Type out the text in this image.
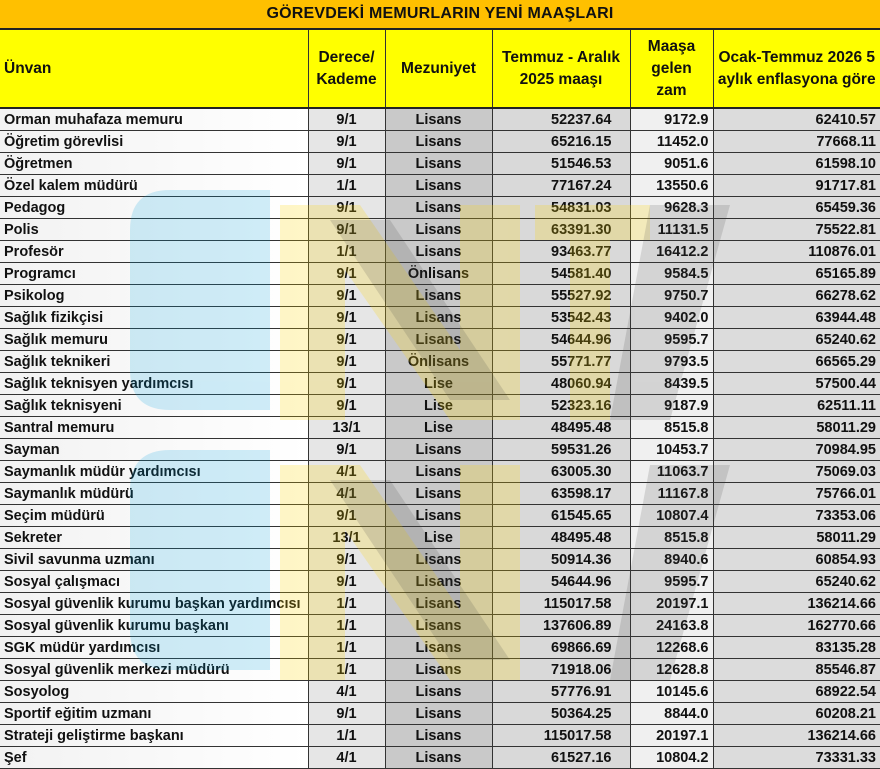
GÖREVDEKİ MEMURLARIN YENİ MAAŞLARI
Ünvan	Derece/ Kademe	Mezuniyet	Temmuz - Aralık 2025 maaşı	Maaşa gelen zam	Ocak-Temmuz 2026 5 aylık enflasyona göre
Orman muhafaza memuru	9/1	Lisans	52237.64	9172.9	62410.57
Öğretim görevlisi	9/1	Lisans	65216.15	11452.0	77668.11
Öğretmen	9/1	Lisans	51546.53	9051.6	61598.10
Özel kalem müdürü	1/1	Lisans	77167.24	13550.6	91717.81
Pedagog	9/1	Lisans	54831.03	9628.3	65459.36
Polis	9/1	Lisans	63391.30	11131.5	75522.81
Profesör	1/1	Lisans	93463.77	16412.2	110876.01
Programcı	9/1	Önlisans	54581.40	9584.5	65165.89
Psikolog	9/1	Lisans	55527.92	9750.7	66278.62
Sağlık fizikçisi	9/1	Lisans	53542.43	9402.0	63944.48
Sağlık memuru	9/1	Lisans	54644.96	9595.7	65240.62
Sağlık teknikeri	9/1	Önlisans	55771.77	9793.5	66565.29
Sağlık teknisyen yardımcısı	9/1	Lise	48060.94	8439.5	57500.44
Sağlık teknisyeni	9/1	Lise	52323.16	9187.9	62511.11
Santral memuru	13/1	Lise	48495.48	8515.8	58011.29
Sayman	9/1	Lisans	59531.26	10453.7	70984.95
Saymanlık müdür yardımcısı	4/1	Lisans	63005.30	11063.7	75069.03
Saymanlık müdürü	4/1	Lisans	63598.17	11167.8	75766.01
Seçim müdürü	9/1	Lisans	61545.65	10807.4	73353.06
Sekreter	13/1	Lise	48495.48	8515.8	58011.29
Sivil savunma uzmanı	9/1	Lisans	50914.36	8940.6	60854.93
Sosyal çalışmacı	9/1	Lisans	54644.96	9595.7	65240.62
Sosyal güvenlik kurumu başkan yardımcısı	1/1	Lisans	115017.58	20197.1	136214.66
Sosyal güvenlik kurumu başkanı	1/1	Lisans	137606.89	24163.8	162770.66
SGK müdür yardımcısı	1/1	Lisans	69866.69	12268.6	83135.28
Sosyal güvenlik merkezi müdürü	1/1	Lisans	71918.06	12628.8	85546.87
Sosyolog	4/1	Lisans	57776.91	10145.6	68922.54
Sportif eğitim uzmanı	9/1	Lisans	50364.25	8844.0	60208.21
Strateji geliştirme başkanı	1/1	Lisans	115017.58	20197.1	136214.66
Şef	4/1	Lisans	61527.16	10804.2	73331.33
